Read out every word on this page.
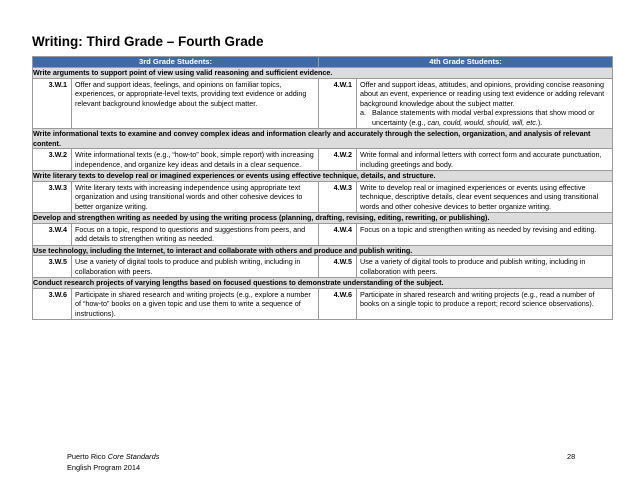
Writing: Third Grade – Fourth Grade
3rd Grade Students:		4th Grade Students:	
Write arguments to support point of view using valid reasoning and sufficient evidence.			
3.W.1	Offer and support ideas, feelings, and opinions on familiar topics, experiences, or appropriate-level texts, providing text evidence or adding relevant background knowledge about the subject matter.	4.W.1	Offer and support ideas, attitudes, and opinions, providing concise reasoning about an event, experience or reading using text evidence or adding relevant background knowledge about the subject matter.
a. Balance statements with modal verbal expressions that show mood or uncertainty (e.g., can, could, would, should, will, etc.).

Write informational texts to examine and convey complex ideas and information clearly and accurately through the selection, organization, and analysis of relevant content.			
3.W.2	Write informational texts (e.g., “how-to” book, simple report) with increasing independence, and organize key ideas and details in a clear sequence.	4.W.2	Write formal and informal letters with correct form and accurate punctuation, including greetings and body.
Write literary texts to develop real or imagined experiences or events using effective technique, details, and structure.			
3.W.3	Write literary texts with increasing independence using appropriate text organization and using transitional words and other cohesive devices to better organize writing.	4.W.3	Write to develop real or imagined experiences or events using effective technique, descriptive details, clear event sequences and using transitional words and other cohesive devices to better organize writing.
Develop and strengthen writing as needed by using the writing process (planning, drafting, revising, editing, rewriting, or publishing).			
3.W.4	Focus on a topic, respond to questions and suggestions from peers, and add details to strengthen writing as needed.	4.W.4	Focus on a topic and strengthen writing as needed by revising and editing.
Use technology, including the Internet, to interact and collaborate with others and produce and publish writing.			
3.W.5	Use a variety of digital tools to produce and publish writing, including in collaboration with peers.	4.W.5	Use a variety of digital tools to produce and publish writing, including in collaboration with peers.
Conduct research projects of varying lengths based on focused questions to demonstrate understanding of the subject.			
3.W.6	Participate in shared research and writing projects (e.g., explore a number of “how-to” books on a given topic and use them to write a sequence of instructions).	4.W.6	Participate in shared research and writing projects (e.g., read a number of books on a single topic to produce a report; record science observations).
Puerto Rico Core Standards
English Program 2014
28
